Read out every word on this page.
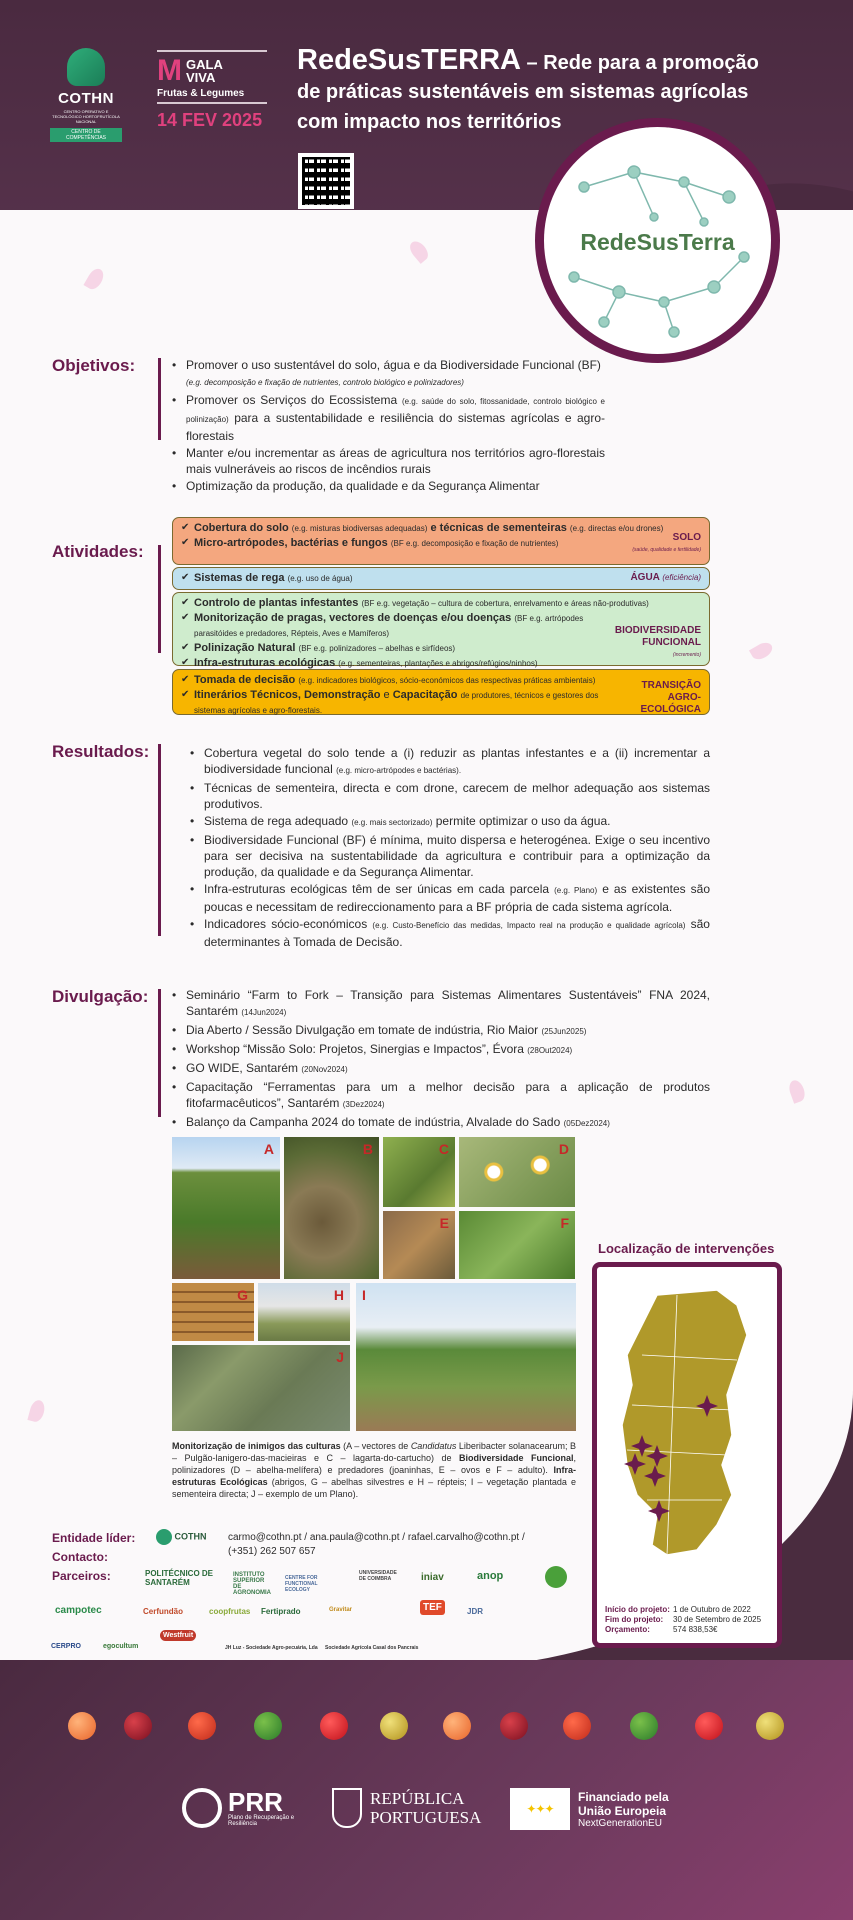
COTHN
CENTRO OPERATIVO E TECNOLÓGICO HORTOFRUTÍCOLA NACIONAL
CENTRO DE COMPETÊNCIAS
M GALA
VIVA
Frutas & Legumes
14 FEV 2025
RedeSusTERRA – Rede para a promoção
de práticas sustentáveis em sistemas agrícolas
com impacto nos territórios
RedeSusTerra
Objetivos:	• Promover o uso sustentável do solo, água e da Biodiversidade Funcional (BF)
(e.g. decomposição e fixação de nutrientes, controlo biológico e polinizadores)
• Promover os Serviços do Ecossistema (e.g. saúde do solo, fitossanidade, controlo biológico e polinização) para a sustentabilidade e resiliência do sistemas agrícolas e agro-florestais
• Manter e/ou incrementar as áreas de agricultura nos territórios agro-florestais mais vulneráveis ao riscos de incêndios rurais
• Optimização da produção, da qualidade e da Segurança Alimentar
Atividades:
✔ Cobertura do solo (e.g. misturas biodiversas adequadas) e técnicas de sementeiras (e.g. directas e/ou drones)
✔ Micro-artrópodes, bactérias e fungos (BF e.g. decomposição e fixação de nutrientes)
SOLO
(saúde, qualidade e fertilidade)
✔ Sistemas de rega (e.g. uso de água)	ÁGUA (eficiência)
✔ Controlo de plantas infestantes (BF e.g. vegetação – cultura de cobertura, enrelvamento e áreas não-produtivas)
✔ Monitorização de pragas, vectores de doenças e/ou doenças (BF e.g. artrópodes parasitóides e predadores, Répteis, Aves e Mamíferos)
✔ Polinização Natural (BF e.g. polinizadores – abelhas e sirfídeos)
✔ Infra-estruturas ecológicas (e.g. sementeiras, plantações e abrigos/refúgios/ninhos)
BIODIVERSIDADE FUNCIONAL
(incremento)
✔ Tomada de decisão (e.g. indicadores biológicos, sócio-económicos das respectivas práticas ambientais)
✔ Itinerários Técnicos, Demonstração e Capacitação de produtores, técnicos e gestores dos sistemas agrícolas e agro-florestais.
TRANSIÇÃO AGRO-ECOLÓGICA
Resultados:	• Cobertura vegetal do solo tende a (i) reduzir as plantas infestantes e a (ii) incrementar a biodiversidade funcional (e.g. micro-artrópodes e bactérias).
• Técnicas de sementeira, directa e com drone, carecem de melhor adequação aos sistemas produtivos.
• Sistema de rega adequado (e.g. mais sectorizado) permite optimizar o uso da água.
• Biodiversidade Funcional (BF) é mínima, muito dispersa e heterogénea. Exige o seu incentivo para ser decisiva na sustentabilidade da agricultura e contribuir para a optimização da produção, da qualidade e da Segurança Alimentar.
• Infra-estruturas ecológicas têm de ser únicas em cada parcela (e.g. Plano) e as existentes são poucas e necessitam de redireccionamento para a BF própria de cada sistema agrícola.
• Indicadores sócio-económicos (e.g. Custo-Benefício das medidas, Impacto real na produção e qualidade agrícola) são determinantes à Tomada de Decisão.
Divulgação:	• Seminário “Farm to Fork – Transição para Sistemas Alimentares Sustentáveis” FNA 2024, Santarém (14Jun2024)
• Dia Aberto / Sessão Divulgação em tomate de indústria, Rio Maior (25Jun2025)
• Workshop “Missão Solo: Projetos, Sinergias e Impactos”, Évora (28Out2024)
• GO WIDE, Santarém (20Nov2024)
• Capacitação “Ferramentas para um a melhor decisão para a aplicação de produtos fitofarmacêuticos”, Santarém (3Dez2024)
• Balanço da Campanha 2024 do tomate de indústria, Alvalade do Sado (05Dez2024)
A	B	C	D
E	F
G	H I
J
Monitorização de inimigos das culturas (A – vectores de Candidatus Liberibacter solanacearum; B – Pulgão-lanigero-das-macieiras e C – lagarta-do-cartucho) de Biodiversidade Funcional, polinizadores (D – abelha-melífera) e predadores (joaninhas, E – ovos e F – adulto). Infra-estruturas Ecológicas (abrigos, G – abelhas silvestres e H – répteis; I – vegetação plantada e sementeira directa; J – exemplo de um Plano).
Localização de intervenções
Início do projeto: 1 de Outubro de 2022
Fim do projeto: 30 de Setembro de 2025
Orçamento:	574 838,53€
Entidade líder:
Contacto:
Parceiros:
COTHN carmo@cothn.pt / ana.paula@cothn.pt / rafael.carvalho@cothn.pt /
(+351) 262 507 657
POLITÉCNICO DE SANTARÉM
INSTITUTO SUPERIOR DE AGRONOMIA
CENTRE FOR FUNCTIONAL ECOLOGY
UNIVERSIDADE DE COIMBRA	iniav	anop
campotec	Cerfundão	coopfrutas	Fertiprado	Gravitar	TEF	JDR
CERPRO	egocultum
Westfruit
JH Luz - Sociedade Agro-pecuária, Lda	Sociedade Agrícola Casal dos Pancrais
PRR
Plano de Recuperação e Resiliência
REPÚBLICA
PORTUGUESA	✦✦✦
Financiado pela
União Europeia
NextGenerationEU
